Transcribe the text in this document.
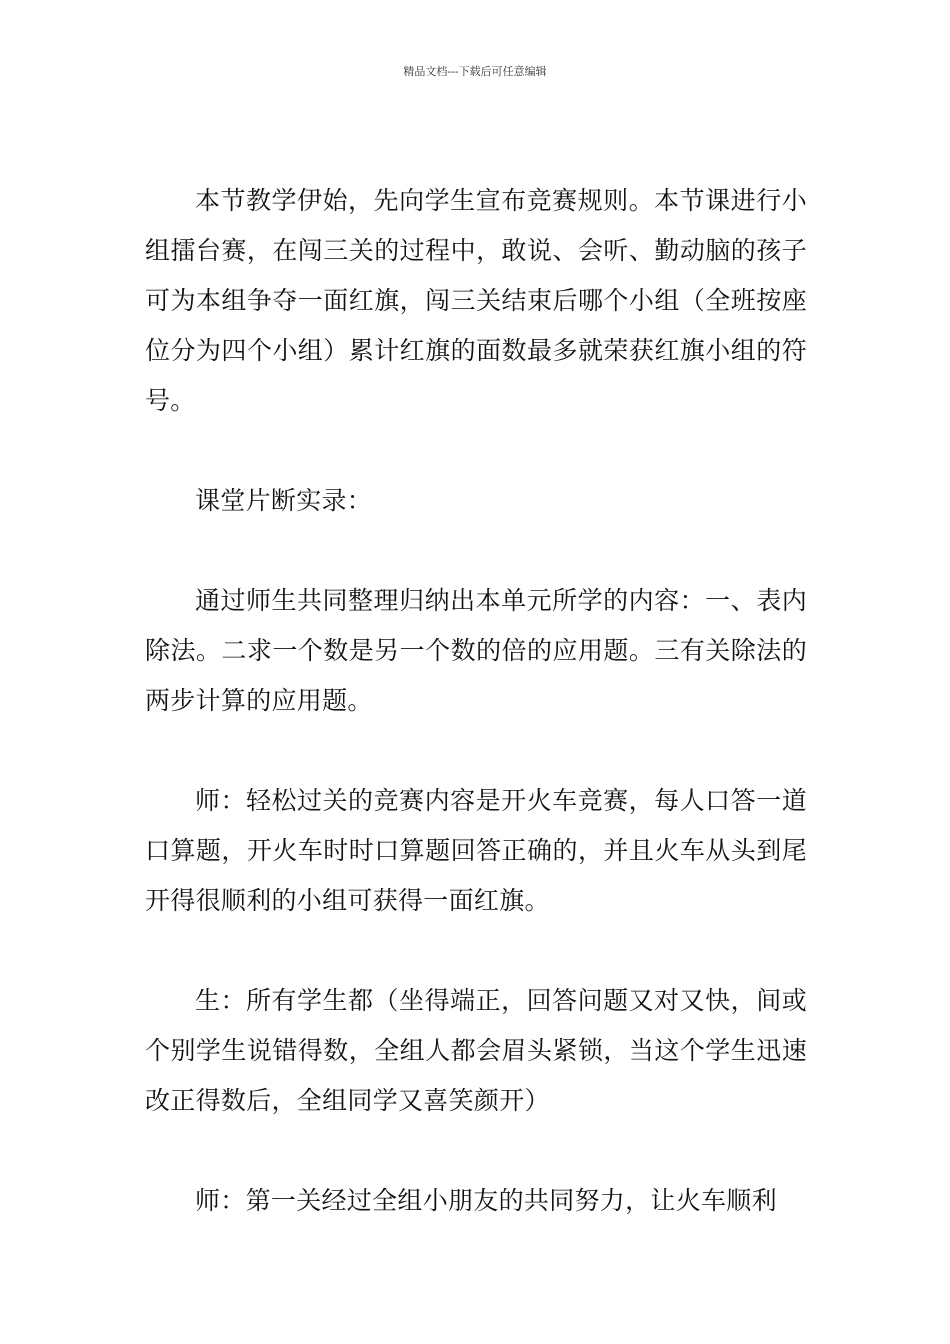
精品文档---下载后可任意编辑

本节教学伊始，先向学生宣布竞赛规则。本节课进行小组擂台赛，在闯三关的过程中，敢说、会听、勤动脑的孩子可为本组争夺一面红旗，闯三关结束后哪个小组（全班按座位分为四个小组）累计红旗的面数最多就荣获红旗小组的符号。

课堂片断实录：

通过师生共同整理归纳出本单元所学的内容：一、表内除法。二求一个数是另一个数的倍的应用题。三有关除法的两步计算的应用题。

师：轻松过关的竞赛内容是开火车竞赛，每人口答一道口算题，开火车时时口算题回答正确的，并且火车从头到尾开得很顺利的小组可获得一面红旗。

生：所有学生都（坐得端正，回答问题又对又快，间或个别学生说错得数，全组人都会眉头紧锁，当这个学生迅速改正得数后，全组同学又喜笑颜开）

师：第一关经过全组小朋友的共同努力，让火车顺利
